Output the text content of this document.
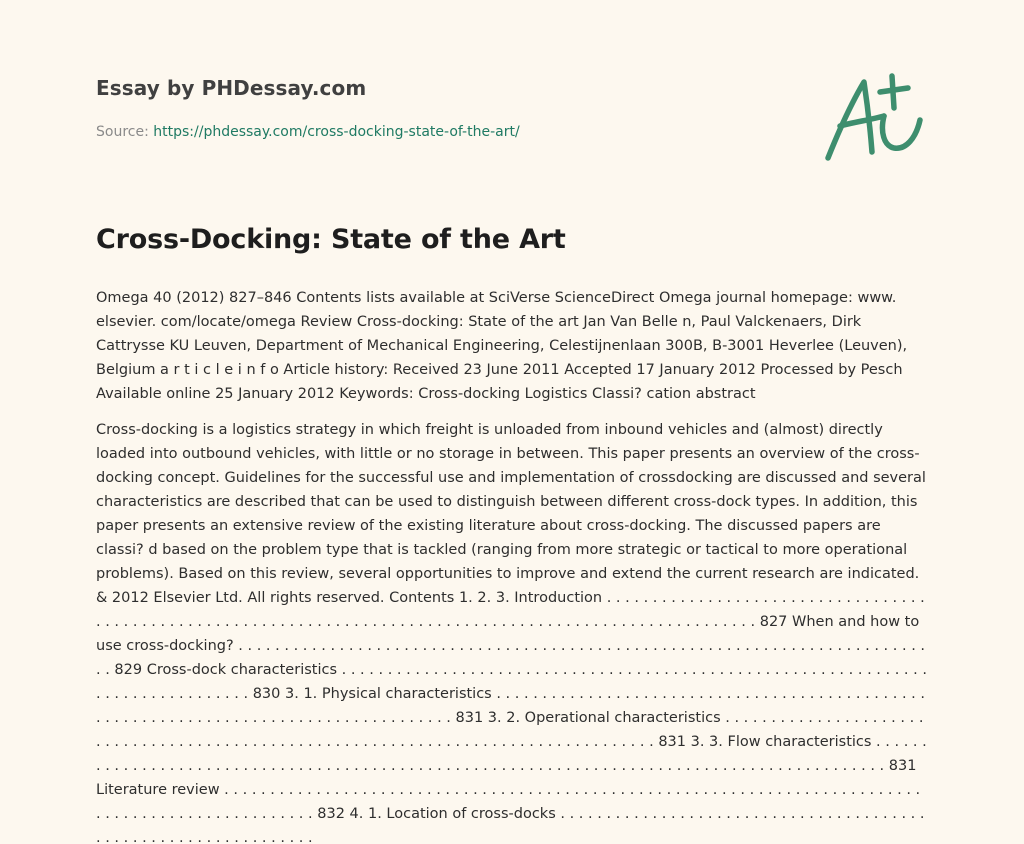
Essay by PHDessay.com

Source: https://phdessay.com/cross-docking-state-of-the-art/

Cross-Docking: State of the Art

Omega 40 (2012) 827–846 Contents lists available at SciVerse ScienceDirect Omega journal homepage: www. elsevier. com/locate/omega Review Cross-docking: State of the art Jan Van Belle n, Paul Valckenaers, Dirk Cattrysse KU Leuven, Department of Mechanical Engineering, Celestijnenlaan 300B, B-3001 Heverlee (Leuven), Belgium a r t i c l e i n f o Article history: Received 23 June 2011 Accepted 17 January 2012 Processed by Pesch Available online 25 January 2012 Keywords: Cross-docking Logistics Classi? cation abstract

Cross-docking is a logistics strategy in which freight is unloaded from inbound vehicles and (almost) directly loaded into outbound vehicles, with little or no storage in between. This paper presents an overview of the cross-docking concept. Guidelines for the successful use and implementation of crossdocking are discussed and several characteristics are described that can be used to distinguish between different cross-dock types. In addition, this paper presents an extensive review of the existing literature about cross-docking. The discussed papers are classi? d based on the problem type that is tackled (ranging from more strategic or tactical to more operational problems). Based on this review, several opportunities to improve and extend the current research are indicated. & 2012 Elsevier Ltd. All rights reserved. Contents 1. 2. 3. Introduction . . . . . . . . . . . . . . . . . . . . . . . . . . . . . . . . . . . . . . . . . . . . . . . . . . . . . . . . . . . . . . . . . . . . . . . . . . . . . . . . . . . . . . . . . . . . . . . . . . . . . . . . . . . 827 When and how to use cross-docking? . . . . . . . . . . . . . . . . . . . . . . . . . . . . . . . . . . . . . . . . . . . . . . . . . . . . . . . . . . . . . . . . . . . . . . . . . . . . . 829 Cross-dock characteristics . . . . . . . . . . . . . . . . . . . . . . . . . . . . . . . . . . . . . . . . . . . . . . . . . . . . . . . . . . . . . . . . . . . . . . . . . . . . . . . . . 830 3. 1. Physical characteristics . . . . . . . . . . . . . . . . . . . . . . . . . . . . . . . . . . . . . . . . . . . . . . . . . . . . . . . . . . . . . . . . . . . . . . . . . . . . . . . . . . . . . . 831 3. 2. Operational characteristics . . . . . . . . . . . . . . . . . . . . . . . . . . . . . . . . . . . . . . . . . . . . . . . . . . . . . . . . . . . . . . . . . . . . . . . . . . . . . . . . . . . 831 3. 3. Flow characteristics . . . . . . . . . . . . . . . . . . . . . . . . . . . . . . . . . . . . . . . . . . . . . . . . . . . . . . . . . . . . . . . . . . . . . . . . . . . . . . . . . . . . . . . . . . . . 831 Literature review . . . . . . . . . . . . . . . . . . . . . . . . . . . . . . . . . . . . . . . . . . . . . . . . . . . . . . . . . . . . . . . . . . . . . . . . . . . . . . . . . . . . . . . . . . . . . . . . . . . . 832 4. 1. Location of cross-docks . . . . . . . . . . . . . . . . . . . . . . . . . . . . . . . . . . . . . . . . . . . . . . . . . . . . . . . . . . . . . . . .
